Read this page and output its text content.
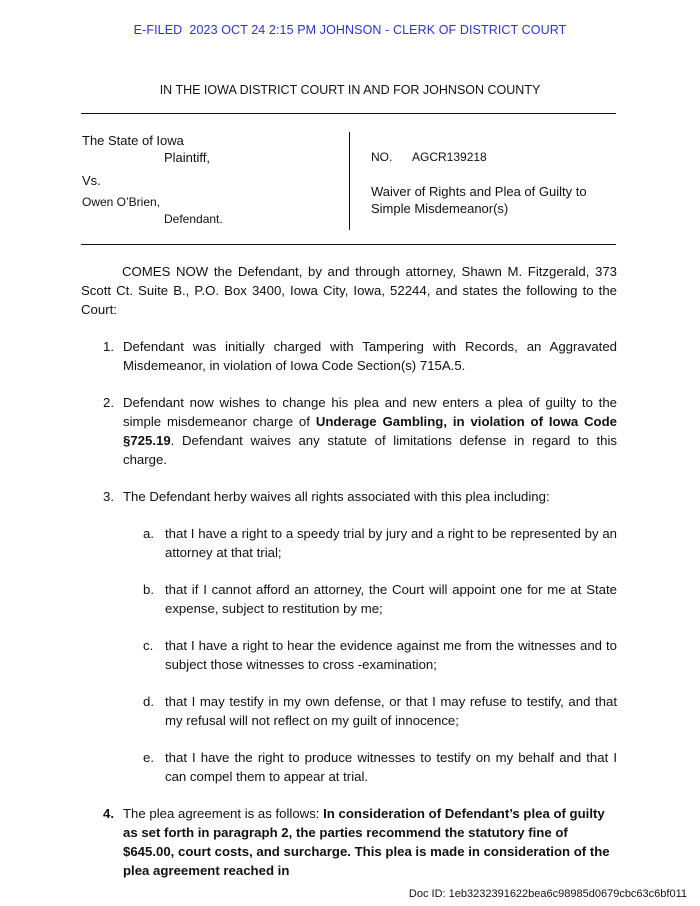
E-FILED  2023 OCT 24 2:15 PM JOHNSON - CLERK OF DISTRICT COURT
IN THE IOWA DISTRICT COURT IN AND FOR JOHNSON COUNTY
The State of Iowa
Plaintiff,
Vs.
Owen O’Brien,
Defendant.
NO. AGCR139218
Waiver of Rights and Plea of Guilty to
Simple Misdemeanor(s)

COMES NOW the Defendant, by and through attorney, Shawn M. Fitzgerald, 373 Scott Ct. Suite B., P.O. Box 3400, Iowa City, Iowa, 52244, and states the following to the Court:

1. Defendant was initially charged with Tampering with Records, an Aggravated Misdemeanor, in violation of Iowa Code Section(s) 715A.5.
2. Defendant now wishes to change his plea and new enters a plea of guilty to the simple misdemeanor charge of Underage Gambling, in violation of Iowa Code §725.19. Defendant waives any statute of limitations defense in regard to this charge.
3. The Defendant herby waives all rights associated with this plea including:
a. that I have a right to a speedy trial by jury and a right to be represented by an attorney at that trial;
b. that if I cannot afford an attorney, the Court will appoint one for me at State expense, subject to restitution by me;
c. that I have a right to hear the evidence against me from the witnesses and to subject those witnesses to cross -examination;
d. that I may testify in my own defense, or that I may refuse to testify, and that my refusal will not reflect on my guilt of innocence;
e. that I have the right to produce witnesses to testify on my behalf and that I can compel them to appear at trial.
4. The plea agreement is as follows: In consideration of Defendant’s plea of guilty as set forth in paragraph 2, the parties recommend the statutory fine of $645.00, court costs, and surcharge. This plea is made in consideration of the plea agreement reached in
Doc ID: 1eb3232391622bea6c98985d0679cbc63c6bf011
